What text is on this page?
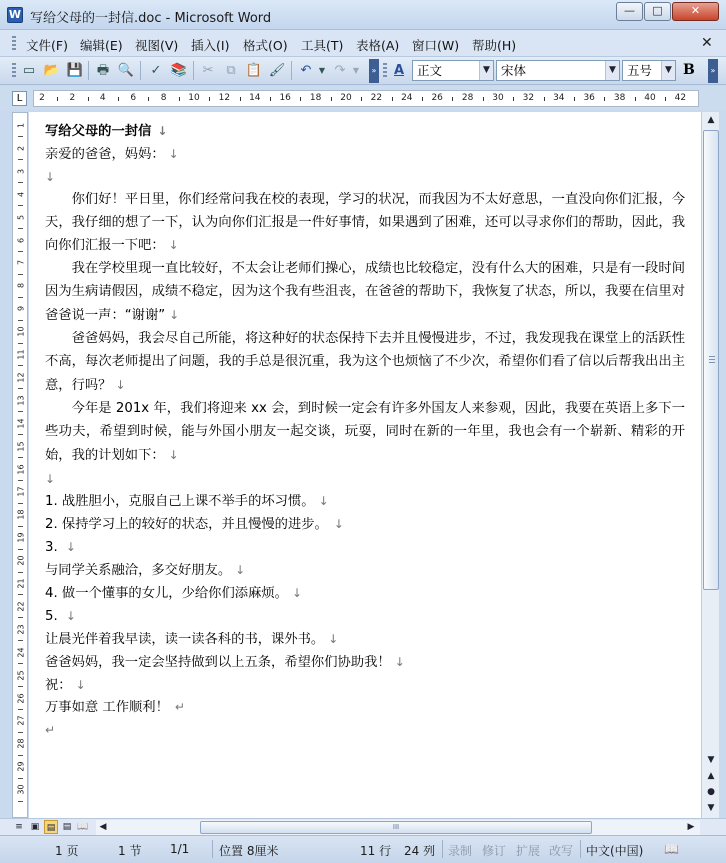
W 写给父母的一封信.doc - Microsoft Word
—	□	✕
文件(F) 编辑(E) 视图(V) 插入(I) 格式(O) 工具(T) 表格(A) 窗口(W) 帮助(H)	✕
▭ 📂 💾 🖶 🔍 ✓ 📚 ✂ ⧉ 📋 🖌 ↶ ▼ ↷ ▼	»	A	正文	▼ 宋体	▼ 五号	▼ B	»
L	2	2	4	6	8 10 12 14 16 18 20 22 24 26 28 30 32 34 36 38 40 42
1
2
3
4
5
6
7
8
9
10
11
12
13
14
15
16
17
18
19
20
21
22
23
24
25
26
27
28
29
30
写给父母的一封信 ↓
亲爱的爸爸，妈妈： ↓
↓
你们好！平日里，你们经常问我在校的表现，学习的状况，而我因为不太好意思，一直没向你们汇报，今天，我仔细的想了一下，认为向你们汇报是一件好事情，如果遇到了困难，还可以寻求你们的帮助，因此，我向你们汇报一下吧： ↓
我在学校里现一直比较好，不太会让老师们操心，成绩也比较稳定，没有什么大的困难，只是有一段时间因为生病请假因，成绩不稳定，因为这个我有些沮丧，在爸爸的帮助下，我恢复了状态，所以，我要在信里对爸爸说一声：“谢谢” ↓
爸爸妈妈，我会尽自己所能，将这种好的状态保持下去并且慢慢进步，不过，我发现我在课堂上的活跃性不高，每次老师提出了问题，我的手总是很沉重，我为这个也烦恼了不少次，希望你们看了信以后帮我出出主意，行吗？ ↓
今年是 201x 年，我们将迎来 xx 会，到时候一定会有许多外国友人来参观，因此，我要在英语上多下一些功夫，希望到时候，能与外国小朋友一起交谈，玩耍，同时在新的一年里，我也会有一个崭新、精彩的开始，我的计划如下： ↓
↓
1. 战胜胆小，克服自己上课不举手的坏习惯。 ↓
2. 保持学习上的较好的状态，并且慢慢的进步。 ↓
3. ↓
与同学关系融洽，多交好朋友。 ↓
4. 做一个懂事的女儿，少给你们添麻烦。 ↓
5. ↓
让晨光伴着我早读，读一读各科的书，课外书。 ↓
爸爸妈妈，我一定会坚持做到以上五条，希望你们协助我！ ↓
祝： ↓
万事如意 工作顺利！ ↵
↵
▲
▼
▲
●
▼
≡ ▣ ▤ ▤ 📖	◀	III	▶
1 页	1 节 1/1 位置 8厘米	11 行 24 列 录制 修订 扩展 改写 中文(中国) 📖
